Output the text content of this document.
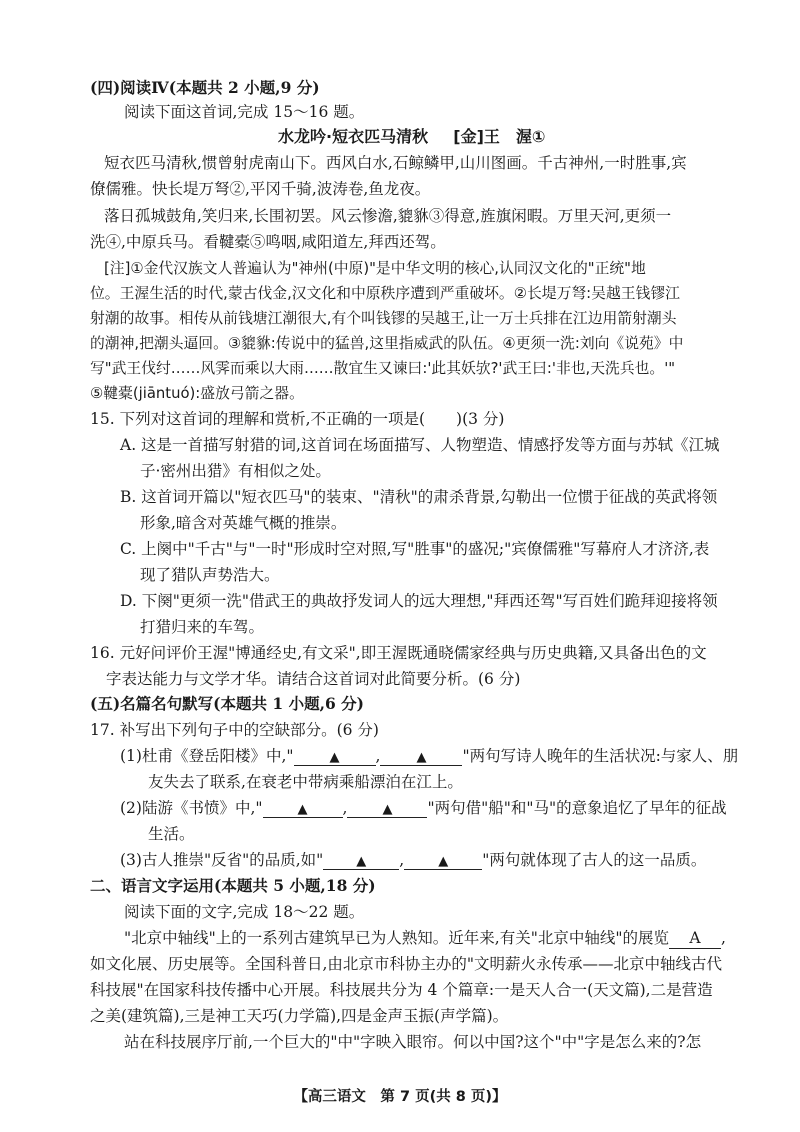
(四)阅读Ⅳ(本题共 2 小题,9 分)
阅读下面这首词,完成 15～16 题。
水龙吟·短衣匹马清秋 [金]王　渥①
短衣匹马清秋,惯曾射虎南山下。西风白水,石鲸鳞甲,山川图画。千古神州,一时胜事,宾
僚儒雅。快长堤万弩②,平冈千骑,波涛卷,鱼龙夜。
落日孤城鼓角,笑归来,长围初罢。风云惨澹,貔貅③得意,旌旗闲暇。万里天河,更须一
洗④,中原兵马。看鞬橐⑤鸣咽,咸阳道左,拜西还驾。
[注]①金代汉族文人普遍认为"神州(中原)"是中华文明的核心,认同汉文化的"正统"地
位。王渥生活的时代,蒙古伐金,汉文化和中原秩序遭到严重破坏。②长堤万弩:吴越王钱镠江
射潮的故事。相传从前钱塘江潮很大,有个叫钱镠的吴越王,让一万士兵排在江边用箭射潮头
的潮神,把潮头逼回。③貔貅:传说中的猛兽,这里指威武的队伍。④更须一洗:刘向《说苑》中
写"武王伐纣……风霁而乘以大雨……散宜生又谏曰:'此其妖欤?'武王曰:'非也,天洗兵也。'"
⑤鞬橐(jiāntuó):盛放弓箭之器。
15. 下列对这首词的理解和赏析,不正确的一项是(　　)(3 分)
A. 这是一首描写射猎的词,这首词在场面描写、人物塑造、情感抒发等方面与苏轼《江城
子·密州出猎》有相似之处。
B. 这首词开篇以"短衣匹马"的装束、"清秋"的肃杀背景,勾勒出一位惯于征战的英武将领
形象,暗含对英雄气概的推崇。
C. 上阕中"千古"与"一时"形成时空对照,写"胜事"的盛况;"宾僚儒雅"写幕府人才济济,表
现了猎队声势浩大。
D. 下阕"更须一洗"借武王的典故抒发词人的远大理想,"拜西还驾"写百姓们跪拜迎接将领
打猎归来的车驾。
16. 元好问评价王渥"博通经史,有文采",即王渥既通晓儒家经典与历史典籍,又具备出色的文
字表达能力与文学才华。请结合这首词对此简要分析。(6 分)
(五)名篇名句默写(本题共 1 小题,6 分)
17. 补写出下列句子中的空缺部分。(6 分)
(1)杜甫《登岳阳楼》中,"	▲ ,	▲ "两句写诗人晚年的生活状况:与家人、朋
友失去了联系,在衰老中带病乘船漂泊在江上。
(2)陆游《书愤》中,"	▲ ,	▲ "两句借"船"和"马"的意象追忆了早年的征战
生活。
(3)古人推崇"反省"的品质,如"	▲ ,	▲ "两句就体现了古人的这一品质。
二、语言文字运用(本题共 5 小题,18 分)
阅读下面的文字,完成 18～22 题。
"北京中轴线"上的一系列古建筑早已为人熟知。近年来,有关"北京中轴线"的展览 A ,
如文化展、历史展等。全国科普日,由北京市科协主办的"文明薪火永传承——北京中轴线古代
科技展"在国家科技传播中心开展。科技展共分为 4 个篇章:一是天人合一(天文篇),二是营造
之美(建筑篇),三是神工天巧(力学篇),四是金声玉振(声学篇)。
站在科技展序厅前,一个巨大的"中"字映入眼帘。何以中国?这个"中"字是怎么来的?怎
【高三语文　第 7 页(共 8 页)】
